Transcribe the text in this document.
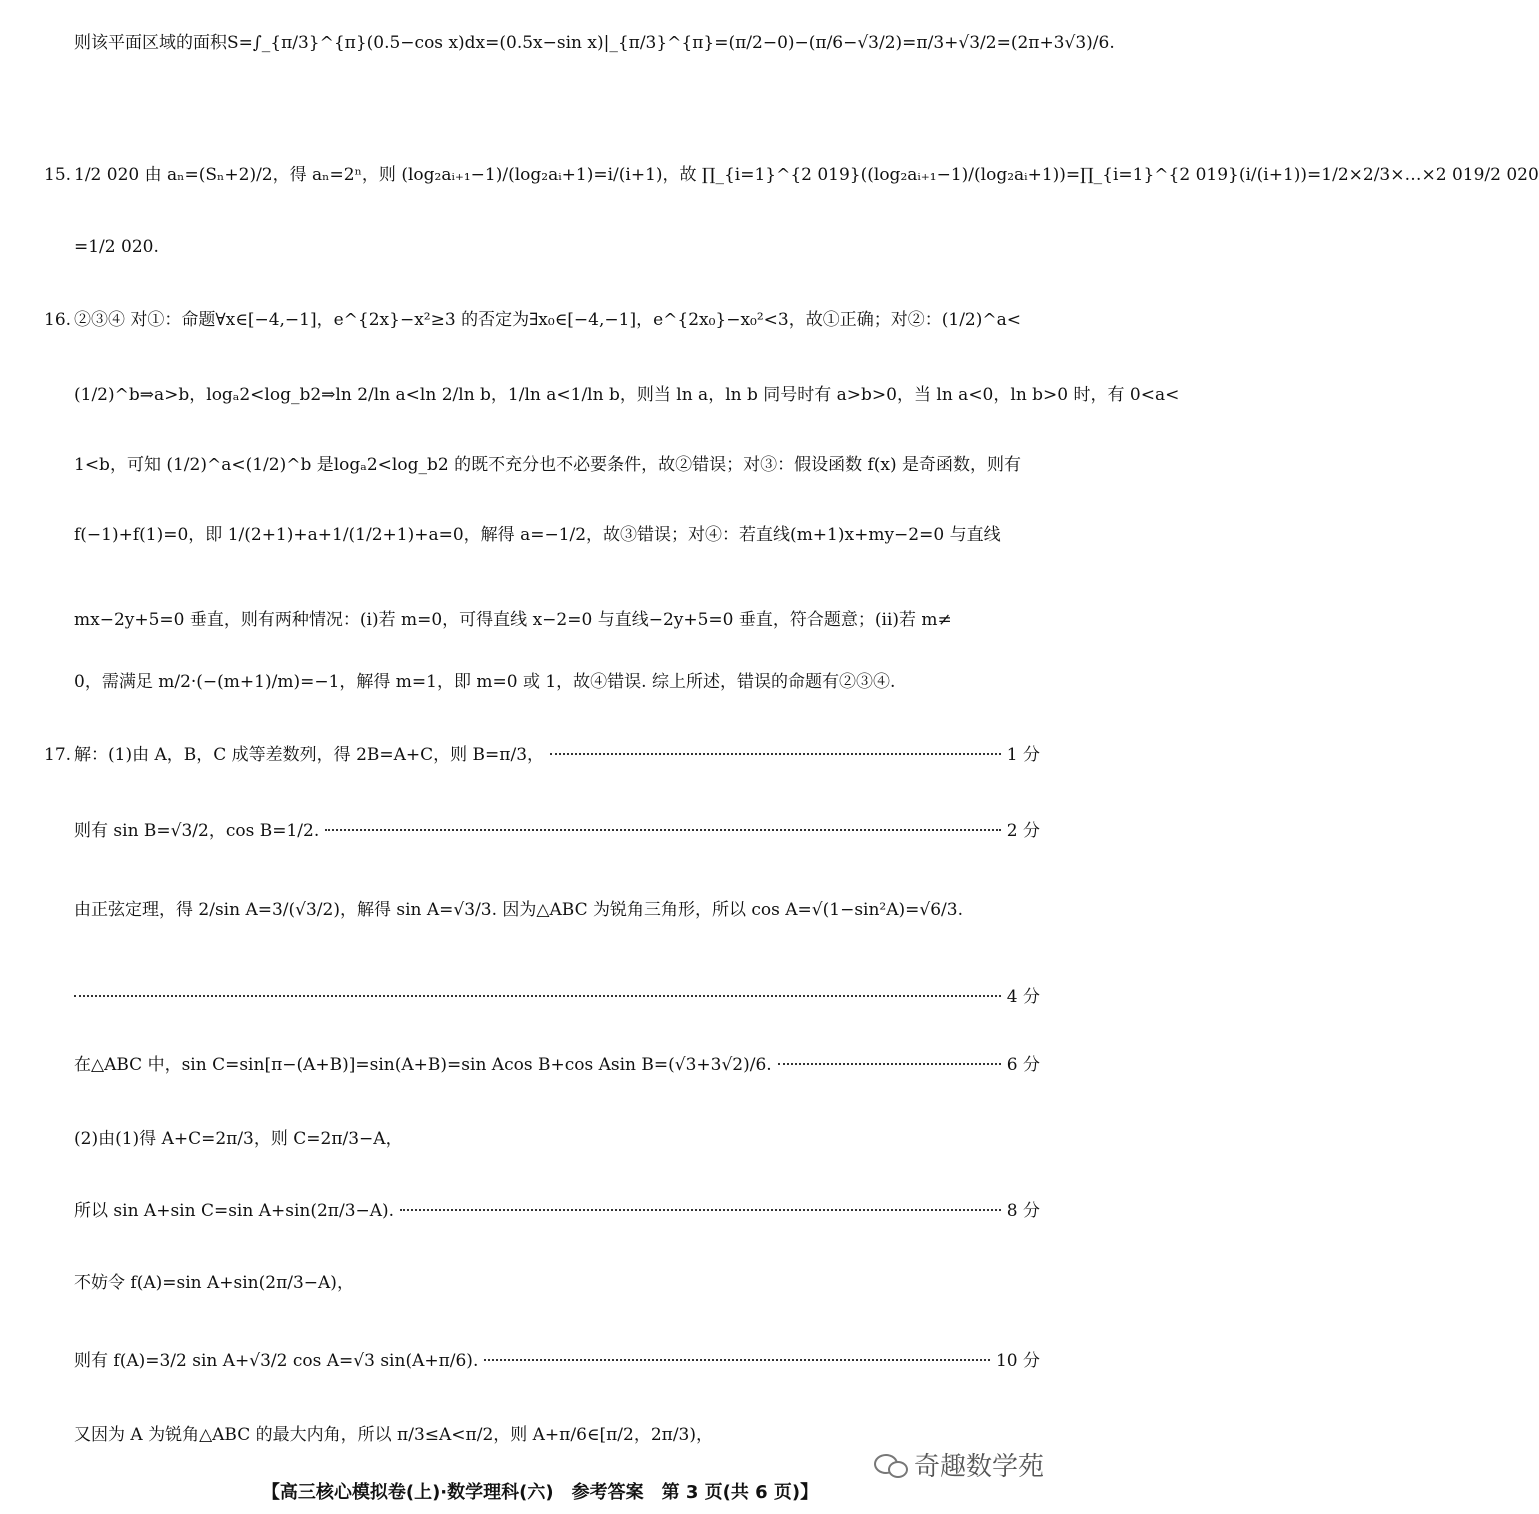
则该平面区域的面积S=∫_{π/3}^{π}(0.5−cos x)dx=(0.5x−sin x)|_{π/3}^{π}=(π/2−0)−(π/6−√3/2)=π/3+√3/2=(2π+3√3)/6.
15. 1/2 020 由 aₙ=(Sₙ+2)/2，得 aₙ=2ⁿ，则 (log₂aᵢ₊₁−1)/(log₂aᵢ+1)=i/(i+1)，故 ∏_{i=1}^{2 019}((log₂aᵢ₊₁−1)/(log₂aᵢ+1))=∏_{i=1}^{2 019}(i/(i+1))=1/2×2/3×…×2 019/2 020
=1/2 020.
16. ②③④ 对①：命题∀x∈[−4,−1]，e^{2x}−x²≥3 的否定为∃x₀∈[−4,−1]，e^{2x₀}−x₀²<3，故①正确；对②：(1/2)^a<
(1/2)^b⇒a>b，logₐ2<log_b2⇒ln 2/ln a<ln 2/ln b，1/ln a<1/ln b，则当 ln a，ln b 同号时有 a>b>0，当 ln a<0，ln b>0 时，有 0<a<
1<b，可知 (1/2)^a<(1/2)^b 是logₐ2<log_b2 的既不充分也不必要条件，故②错误；对③：假设函数 f(x) 是奇函数，则有
f(−1)+f(1)=0，即 1/(2+1)+a+1/(1/2+1)+a=0，解得 a=−1/2，故③错误；对④：若直线(m+1)x+my−2=0 与直线
mx−2y+5=0 垂直，则有两种情况：(ⅰ)若 m=0，可得直线 x−2=0 与直线−2y+5=0 垂直，符合题意；(ⅱ)若 m≠
0，需满足 m/2·(−(m+1)/m)=−1，解得 m=1，即 m=0 或 1，故④错误. 综上所述，错误的命题有②③④.
17. 解：(1)由 A，B，C 成等差数列，得 2B=A+C，则 B=π/3，	1 分
则有 sin B=√3/2，cos B=1/2.	2 分
由正弦定理，得 2/sin A=3/(√3/2)，解得 sin A=√3/3. 因为△ABC 为锐角三角形，所以 cos A=√(1−sin²A)=√6/3.
4 分
在△ABC 中，sin C=sin[π−(A+B)]=sin(A+B)=sin Acos B+cos Asin B=(√3+3√2)/6.	6 分
(2)由(1)得 A+C=2π/3，则 C=2π/3−A，
所以 sin A+sin C=sin A+sin(2π/3−A).	8 分
不妨令 f(A)=sin A+sin(2π/3−A)，
则有 f(A)=3/2 sin A+√3/2 cos A=√3 sin(A+π/6).	10 分
又因为 A 为锐角△ABC 的最大内角，所以 π/3≤A<π/2，则 A+π/6∈[π/2，2π/3)，
奇趣数学苑
【高三核心模拟卷(上)·数学理科(六)　参考答案　第 3 页(共 6 页)】
